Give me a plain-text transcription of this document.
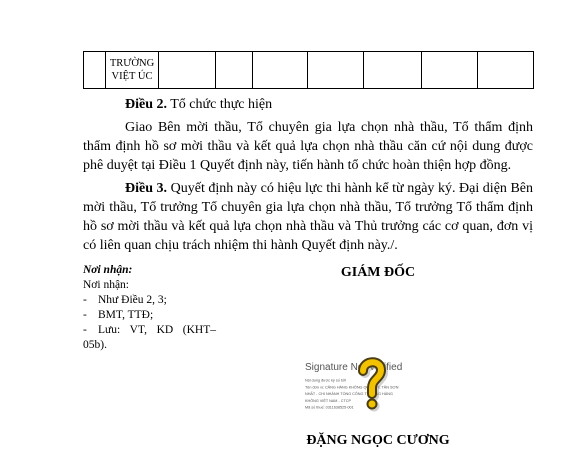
TRƯỜNG
VIỆT ÚC

Điều 2. Tổ chức thực hiện

Giao Bên mời thầu, Tổ chuyên gia lựa chọn nhà thầu, Tổ thẩm định thẩm định hồ sơ mời thầu và kết quả lựa chọn nhà thầu căn cứ nội dung được phê duyệt tại Điều 1 Quyết định này, tiến hành tổ chức hoàn thiện hợp đồng.

Điều 3. Quyết định này có hiệu lực thi hành kể từ ngày ký. Đại diện Bên mời thầu, Tổ trưởng Tổ chuyên gia lựa chọn nhà thầu, Tổ trưởng Tổ thẩm định hồ sơ mời thầu và kết quả lựa chọn nhà thầu và Thủ trưởng các cơ quan, đơn vị có liên quan chịu trách nhiệm thi hành Quyết định này./.

Nơi nhận:
Nơi nhận:
- Như Điều 2, 3;
- BMT, TTĐ;
- Lưu: VT, KD (KHT–05b).
GIÁM ĐỐC
Signature Not Verified
Nội dung được ký số bởi
Tên đơn vị: CẢNG HÀNG KHÔNG QUỐC TẾ TÂN SƠN
NHẤT - CHI NHÁNH TỔNG CÔNG TY CẢNG HÀNG
KHÔNG VIỆT NAM - CTCP
Mã số thuế: 0311638525-001
ĐẶNG NGỌC CƯƠNG
